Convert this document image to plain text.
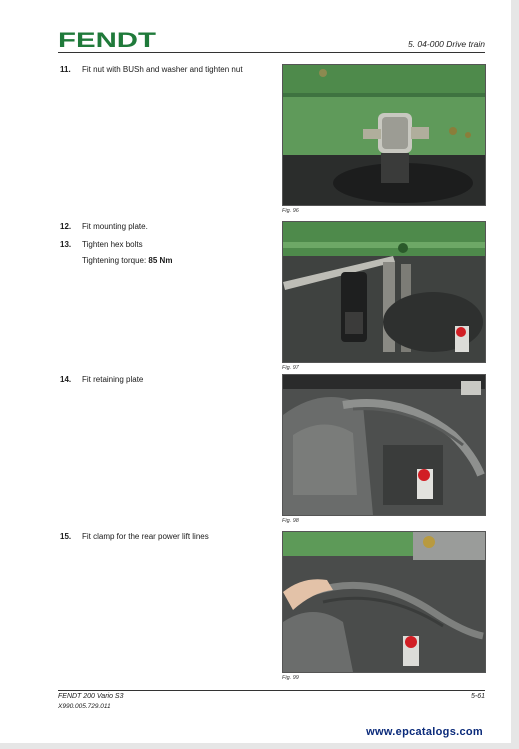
FENDT	5. 04-000 Drive train
11.	Fit nut with BUSh and washer and tighten nut
Fig. 96
12.	Fit mounting plate.
13.	Tighten hex bolts
Tightening torque: 85 Nm
Fig. 97
14.	Fit retaining plate
Fig. 98
15.	Fit clamp for the rear power lift lines
Fig. 99
FENDT 200 Vario S3
X990.005.729.011
5-61
www.epcatalogs.com
